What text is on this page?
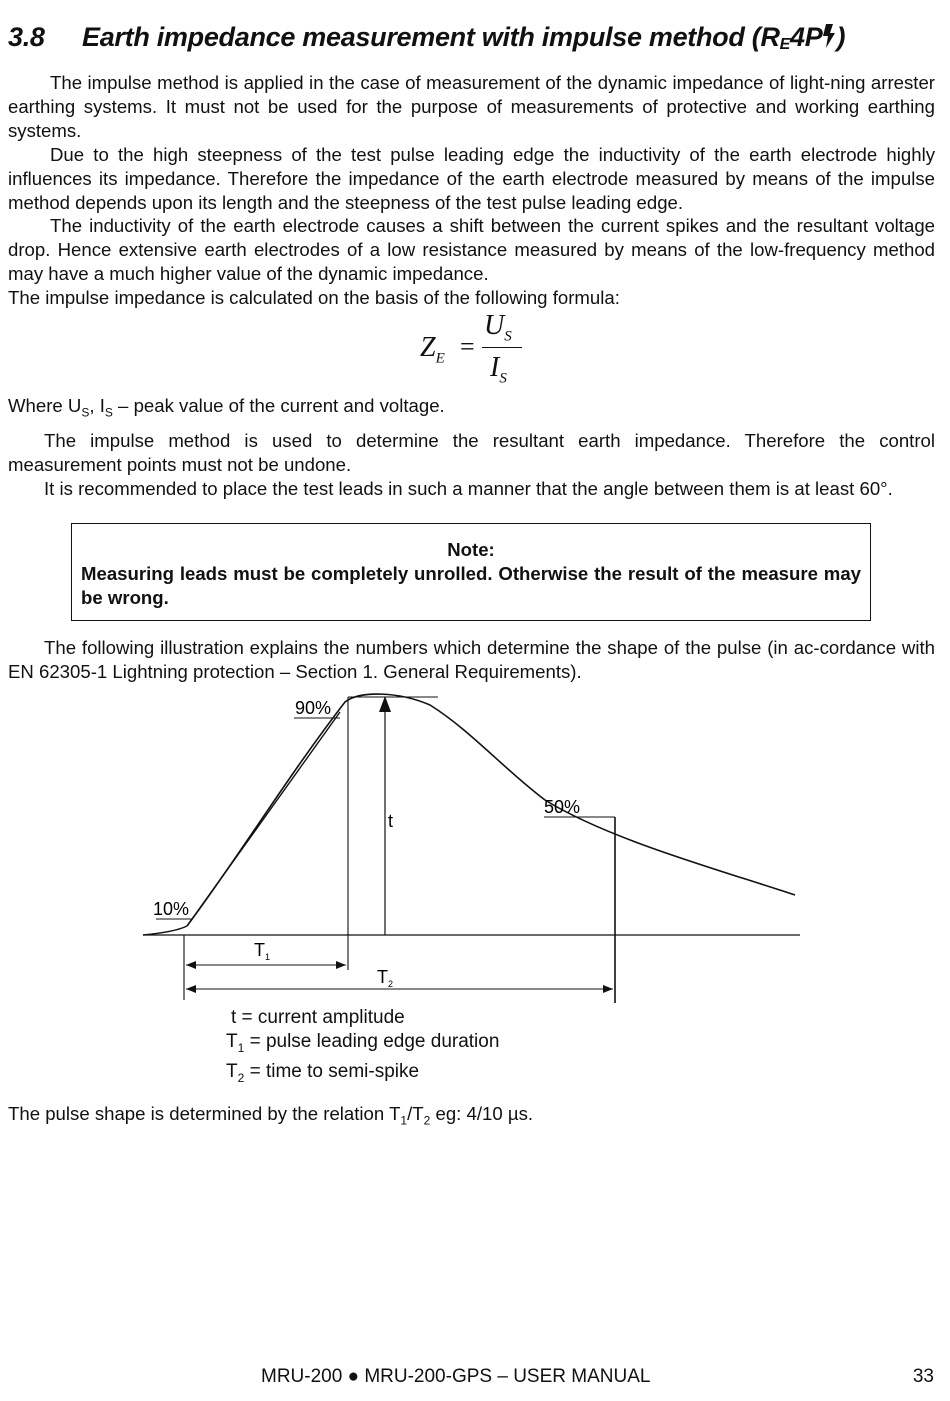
3.8 Earth impedance measurement with impulse method ($R_E4P$ )

The impulse method is applied in the case of measurement of the dynamic impedance of light-ning arrester earthing systems. It must not be used for the purpose of measurements of protective and working earthing systems.

Due to the high steepness of the test pulse leading edge the inductivity of the earth electrode highly influences its impedance. Therefore the impedance of the earth electrode measured by means of the impulse method depends upon its length and the steepness of the test pulse leading edge.

The inductivity of the earth electrode causes a shift between the current spikes and the resultant voltage drop. Hence extensive earth electrodes of a low resistance measured by means of the low-frequency method may have a much higher value of the dynamic impedance.

The impulse impedance is calculated on the basis of the following formula:

$Z_E$ =
$U_S$
$I_S$

Where $U_S$, $I_S$ – peak value of the current and voltage.

The impulse method is used to determine the resultant earth impedance. Therefore the control measurement points must not be undone.

It is recommended to place the test leads in such a manner that the angle between them is at least 60°.

Note:
Measuring leads must be completely unrolled. Otherwise the result of the measure may be wrong.

The following illustration explains the numbers which determine the shape of the pulse (in ac-cordance with EN 62305-1 Lightning protection – Section 1. General Requirements).

90%
50%
10%
t
$T_1$
$T_2$
t = current amplitude
$T_1$ = pulse leading edge duration
$T_2$ = time to semi-spike

The pulse shape is determined by the relation $T_1/T_2$ eg: 4/10 µs.

MRU-200 ● MRU-200-GPS – USER MANUAL	33
